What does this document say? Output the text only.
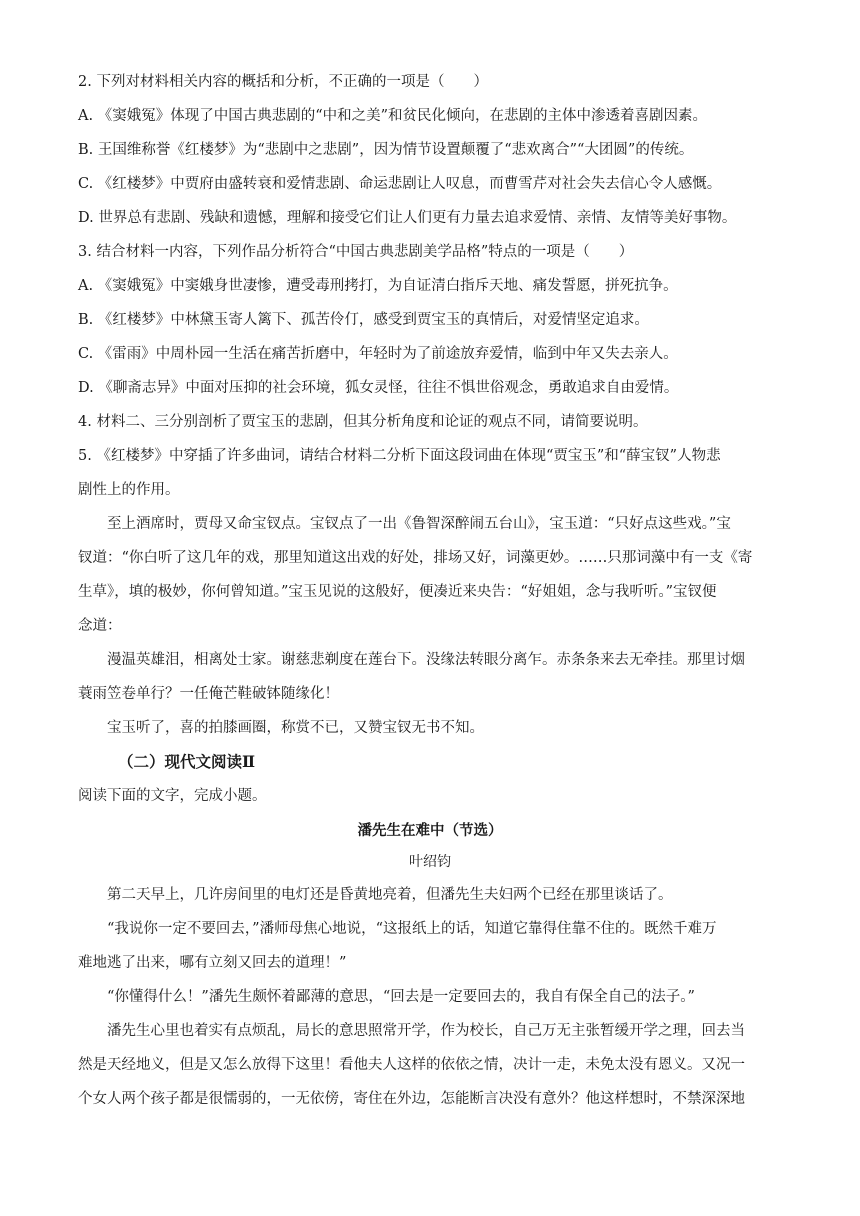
2. 下列对材料相关内容的概括和分析，不正确的一项是（　　）
A. 《窦娥冤》体现了中国古典悲剧的“中和之美”和贫民化倾向，在悲剧的主体中渗透着喜剧因素。
B. 王国维称誉《红楼梦》为“悲剧中之悲剧”，因为情节设置颠覆了“悲欢离合”“大团圆”的传统。
C. 《红楼梦》中贾府由盛转衰和爱情悲剧、命运悲剧让人叹息，而曹雪芹对社会失去信心令人感慨。
D. 世界总有悲剧、残缺和遗憾，理解和接受它们让人们更有力量去追求爱情、亲情、友情等美好事物。
3. 结合材料一内容，下列作品分析符合“中国古典悲剧美学品格”特点的一项是（　　）
A. 《窦娥冤》中窦娥身世凄惨，遭受毒刑拷打，为自证清白指斥天地、痛发誓愿，拼死抗争。
B. 《红楼梦》中林黛玉寄人篱下、孤苦伶仃，感受到贾宝玉的真情后，对爱情坚定追求。
C. 《雷雨》中周朴园一生活在痛苦折磨中，年轻时为了前途放弃爱情，临到中年又失去亲人。
D. 《聊斋志异》中面对压抑的社会环境，狐女灵怪，往往不惧世俗观念，勇敢追求自由爱情。
4. 材料二、三分别剖析了贾宝玉的悲剧，但其分析角度和论证的观点不同，请简要说明。
5. 《红楼梦》中穿插了许多曲词，请结合材料二分析下面这段词曲在体现“贾宝玉”和“薛宝钗”人物悲
剧性上的作用。
至上酒席时，贾母又命宝钗点。宝钗点了一出《鲁智深醉闹五台山》，宝玉道：“只好点这些戏。”宝
钗道：“你白听了这几年的戏，那里知道这出戏的好处，排场又好，词藻更妙。……只那词藻中有一支《寄
生草》，填的极妙，你何曾知道。”宝玉见说的这般好，便凑近来央告：“好姐姐，念与我听听。”宝钗便
念道：
漫温英雄泪，相离处士家。谢慈悲剃度在莲台下。没缘法转眼分离乍。赤条条来去无牵挂。那里讨烟
蓑雨笠卷单行？一任俺芒鞋破钵随缘化！
宝玉听了，喜的拍膝画圈，称赏不已，又赞宝钗无书不知。
（二）现代文阅读Ⅱ
阅读下面的文字，完成小题。
潘先生在难中（节选）
叶绍钧
第二天早上，几许房间里的电灯还是昏黄地亮着，但潘先生夫妇两个已经在那里谈话了。
“我说你一定不要回去，”潘师母焦心地说，“这报纸上的话，知道它靠得住靠不住的。既然千难万
难地逃了出来，哪有立刻又回去的道理！”
“你懂得什么！”潘先生颇怀着鄙薄的意思，“回去是一定要回去的，我自有保全自己的法子。”
潘先生心里也着实有点烦乱，局长的意思照常开学，作为校长，自己万无主张暂缓开学之理，回去当
然是天经地义，但是又怎么放得下这里！看他夫人这样的依依之情，决计一走，未免太没有恩义。又况一
个女人两个孩子都是很懦弱的，一无依傍，寄住在外边，怎能断言决没有意外？他这样想时，不禁深深地
